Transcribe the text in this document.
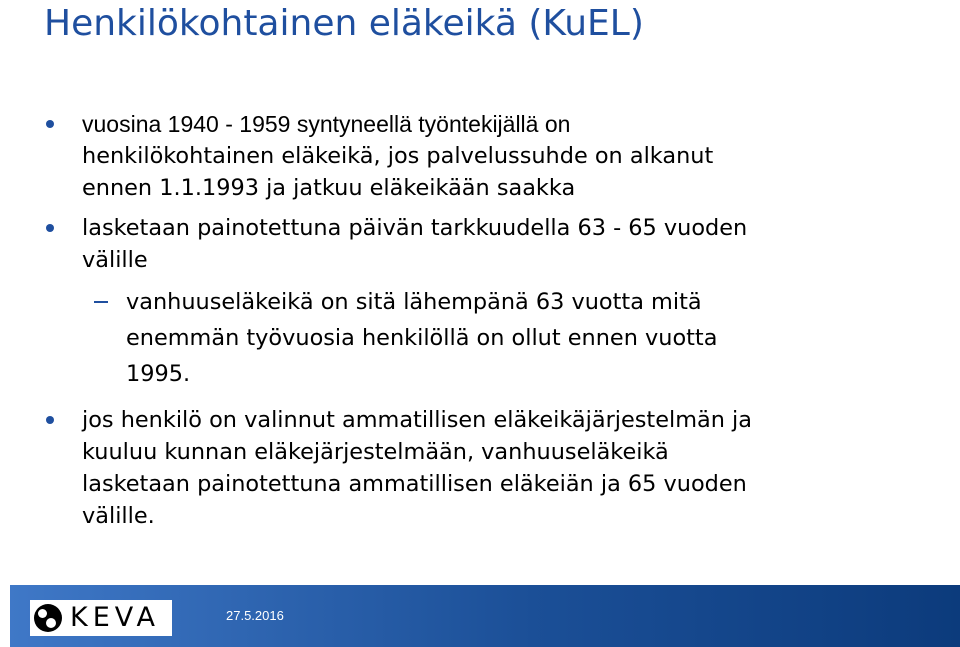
Henkilökohtainen eläkeikä (KuEL)
vuosina 1940 - 1959 syntyneellä työntekijällä on
henkilökohtainen eläkeikä, jos palvelussuhde on alkanut
ennen 1.1.1993 ja jatkuu eläkeikään saakka
lasketaan painotettuna päivän tarkkuudella 63 - 65 vuoden
välille
vanhuuseläkeikä on sitä lähempänä 63 vuotta mitä
enemmän työvuosia henkilöllä on ollut ennen vuotta
1995.
jos henkilö on valinnut ammatillisen eläkeikäjärjestelmän ja
kuuluu kunnan eläkejärjestelmään, vanhuuseläkeikä
lasketaan painotettuna ammatillisen eläkeiän ja 65 vuoden
välille.
KEVA	27.5.2016
